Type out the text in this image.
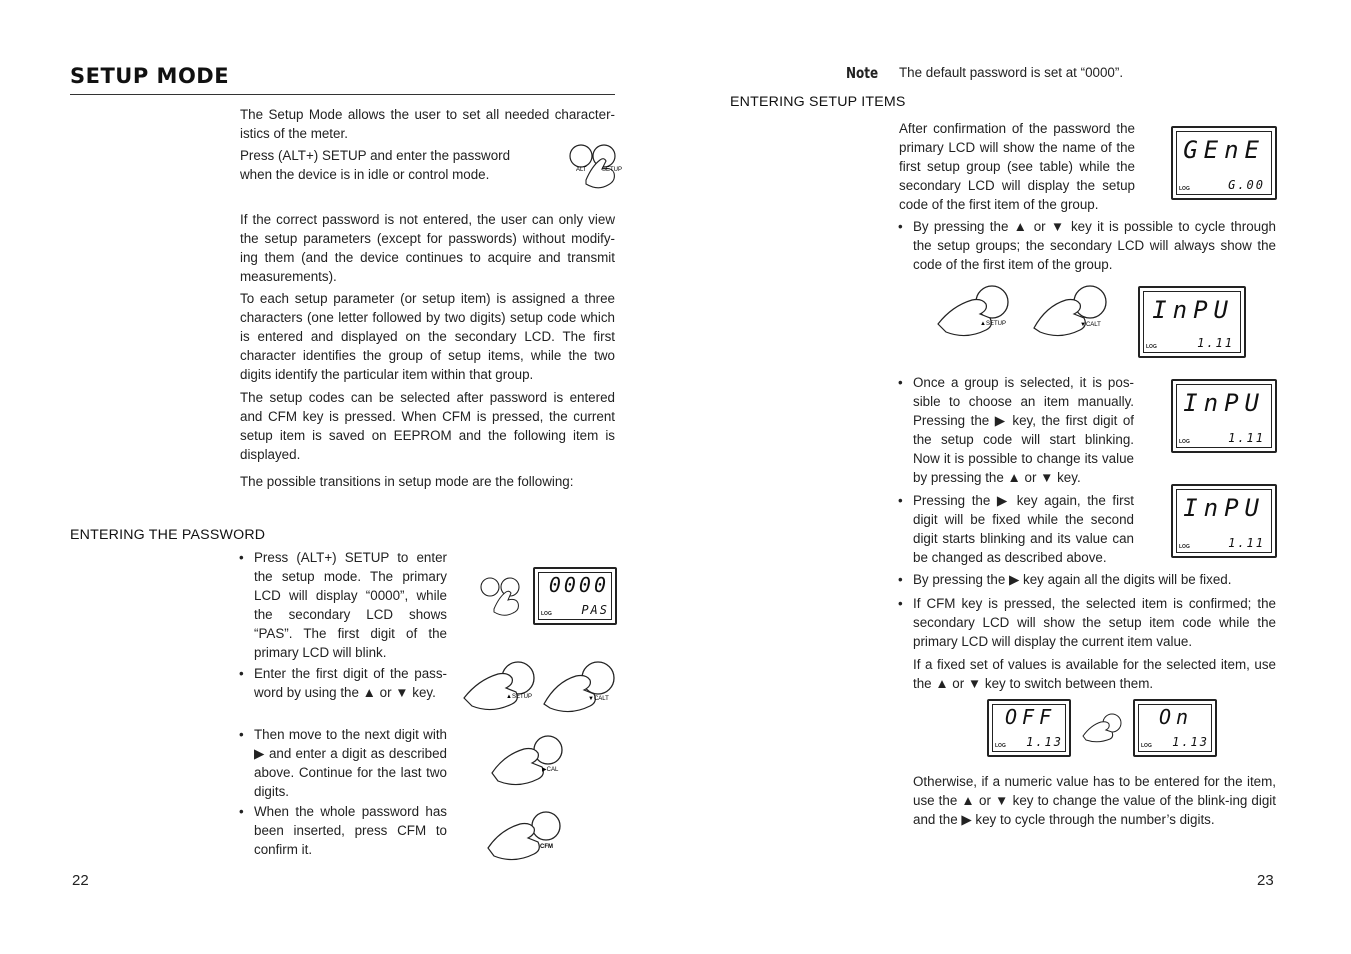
SETUP MODE

The Setup Mode allows the user to set all needed character-istics of the meter.

Press (ALT+) SETUP and enter the password when the device is in idle or control mode.	ALT	SETUP

If the correct password is not entered, the user can only view the setup parameters (except for passwords) without modify-ing them (and the device continues to acquire and transmit measurements).

To each setup parameter (or setup item) is assigned a three characters (one letter followed by two digits) setup code which is entered and displayed on the secondary LCD. The first character identifies the group of setup items, while the two digits identify the particular item within that group.

The setup codes can be selected after password is entered and CFM key is pressed. When CFM is pressed, the current setup item is saved on EEPROM and the following item is displayed.

The possible transitions in setup mode are the following:

ENTERING THE PASSWORD
• Press (ALT+) SETUP to enter the setup mode. The primary LCD will display “0000”, while the secondary LCD shows “PAS”. The first digit of the primary LCD will blink.
• Enter the first digit of the pass-word by using the ▲ or ▼ key.
• Then move to the next digit with ▶ and enter a digit as described above. Continue for the last two digits.
• When the whole password has been inserted, press CFM to confirm it.
0000
PAS
LOG
▲SETUP	▼CALT
▶CAL
CFM
22
Note The default password is set at “0000”.
ENTERING SETUP ITEMS

After confirmation of the password the primary LCD will show the name of the first setup group (see table) while the secondary LCD will display the setup code of the first item of the group.

GEnE
G.00
LOG
• By pressing the ▲ or ▼ key it is possible to cycle through the setup groups; the secondary LCD will always show the code of the first item of the group.
▲SETUP	▼CALT
InPU
1.11
LOG
• Once a group is selected, it is pos-sible to choose an item manually. Pressing the ▶ key, the first digit of the setup code will start blinking. Now it is possible to change its value by pressing the ▲ or ▼ key.
InPU
1.11
LOG
• Pressing the ▶ key again, the first digit will be fixed while the second digit starts blinking and its value can be changed as described above.
InPU
1.11
LOG
• By pressing the ▶ key again all the digits will be fixed.
• If CFM key is pressed, the selected item is confirmed; the secondary LCD will show the setup item code while the primary LCD will display the current item value.

If a fixed set of values is available for the selected item, use the ▲ or ▼ key to switch between them.

OFF
1.13
LOG
On
1.13
LOG

Otherwise, if a numeric value has to be entered for the item, use the ▲ or ▼ key to change the value of the blink-ing digit and the ▶ key to cycle through the number’s digits.

23
